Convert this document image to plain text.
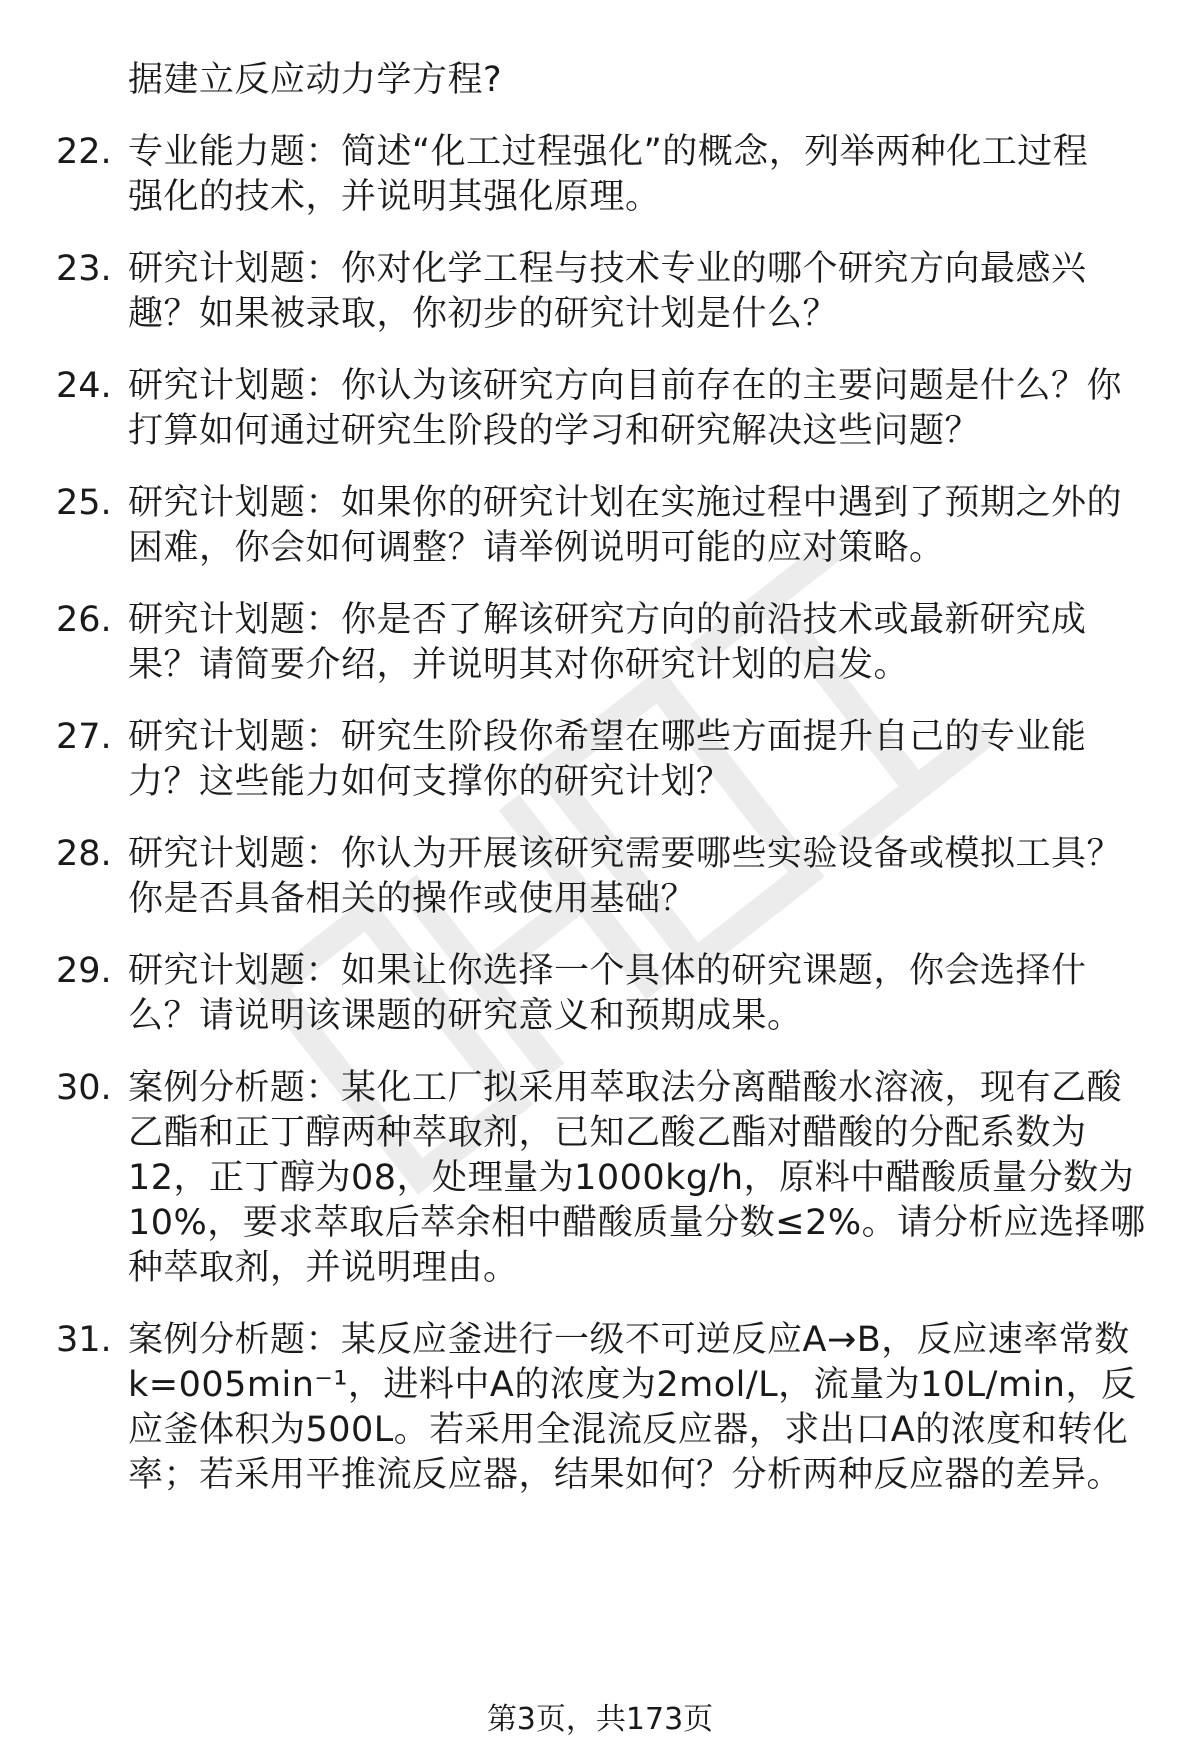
据建立反应动力学方程?
22. 专业能力题：简述“化工过程强化”的概念，列举两种化工过程
强化的技术，并说明其强化原理。
23. 研究计划题：你对化学工程与技术专业的哪个研究方向最感兴
趣？如果被录取，你初步的研究计划是什么？
24. 研究计划题：你认为该研究方向目前存在的主要问题是什么？你
打算如何通过研究生阶段的学习和研究解决这些问题？
25. 研究计划题：如果你的研究计划在实施过程中遇到了预期之外的
困难，你会如何调整？请举例说明可能的应对策略。
26. 研究计划题：你是否了解该研究方向的前沿技术或最新研究成
果？请简要介绍，并说明其对你研究计划的启发。
27. 研究计划题：研究生阶段你希望在哪些方面提升自己的专业能
力？这些能力如何支撑你的研究计划？
28. 研究计划题：你认为开展该研究需要哪些实验设备或模拟工具？
你是否具备相关的操作或使用基础？
29. 研究计划题：如果让你选择一个具体的研究课题，你会选择什
么？请说明该课题的研究意义和预期成果。
30. 案例分析题：某化工厂拟采用萃取法分离醋酸水溶液，现有乙酸
乙酯和正丁醇两种萃取剂，已知乙酸乙酯对醋酸的分配系数为
12，正丁醇为08，处理量为1000kg/h，原料中醋酸质量分数为
10%，要求萃取后萃余相中醋酸质量分数≤2%。请分析应选择哪
种萃取剂，并说明理由。
31. 案例分析题：某反应釜进行一级不可逆反应A→B，反应速率常数
k=005min⁻¹，进料中A的浓度为2mol/L，流量为10L/min，反
应釜体积为500L。若采用全混流反应器，求出口A的浓度和转化
率；若采用平推流反应器，结果如何？分析两种反应器的差异。
第3页，共173页
